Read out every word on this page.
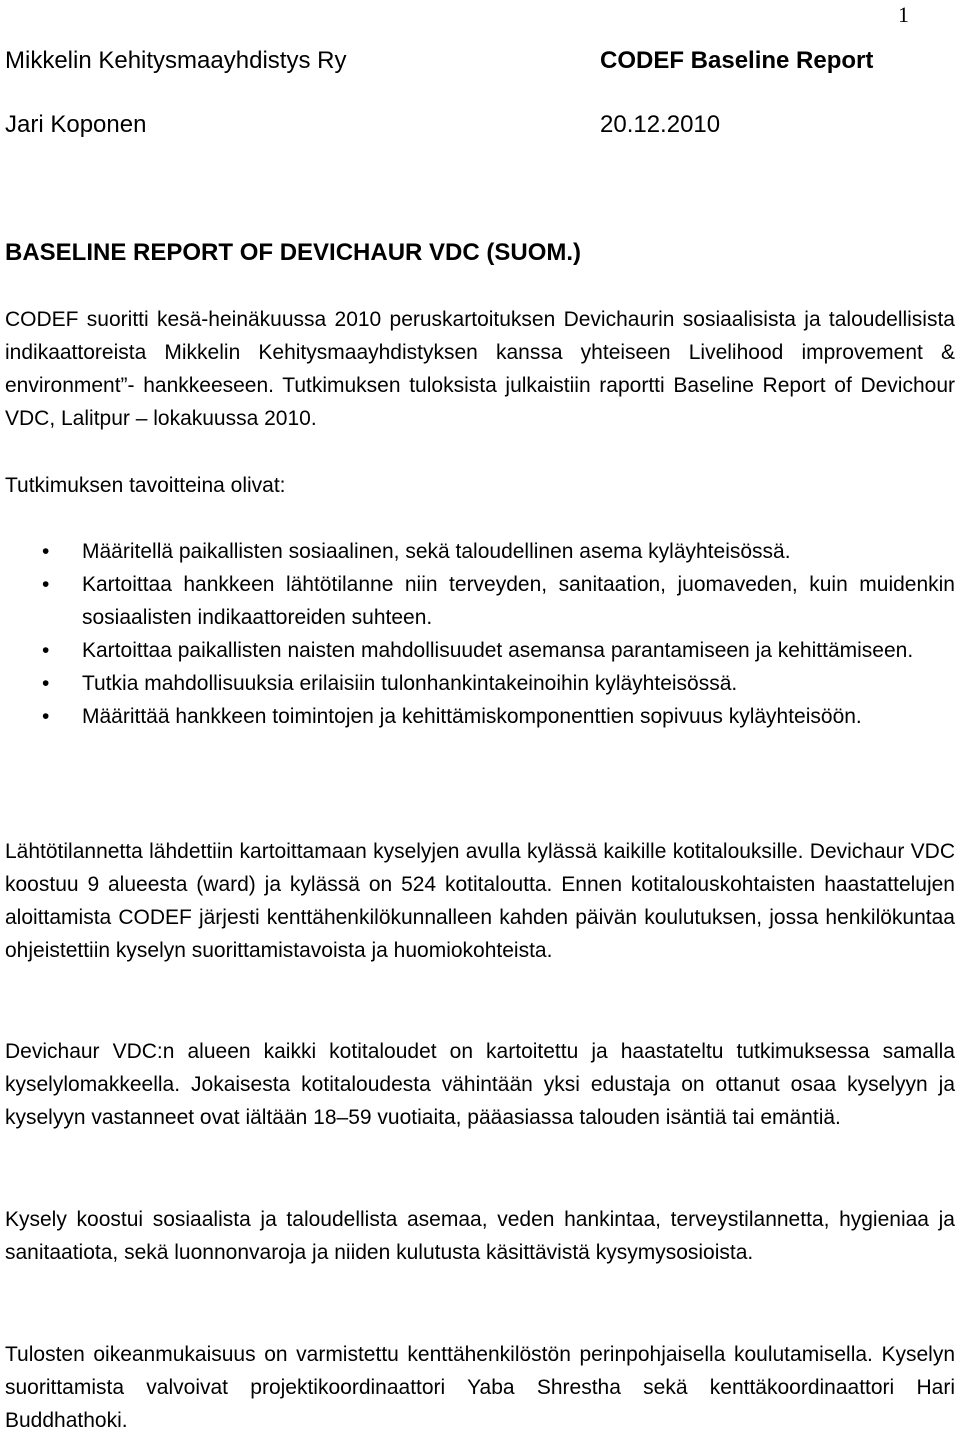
1
Mikkelin Kehitysmaayhdistys Ry	CODEF Baseline Report
Jari Koponen	20.12.2010
BASELINE REPORT OF DEVICHAUR VDC (SUOM.)

CODEF suoritti kesä-heinäkuussa 2010 peruskartoituksen Devichaurin sosiaalisista ja taloudellisista indikaattoreista Mikkelin Kehitysmaayhdistyksen kanssa yhteiseen Livelihood improvement & environment”- hankkeeseen. Tutkimuksen tuloksista julkaistiin raportti Baseline Report of Devichour VDC, Lalitpur – lokakuussa 2010.

Tutkimuksen tavoitteina olivat:

• Määritellä paikallisten sosiaalinen, sekä taloudellinen asema kyläyhteisössä.
• Kartoittaa hankkeen lähtötilanne niin terveyden, sanitaation, juomaveden, kuin muidenkin sosiaalisten indikaattoreiden suhteen.
• Kartoittaa paikallisten naisten mahdollisuudet asemansa parantamiseen ja kehittämiseen.
• Tutkia mahdollisuuksia erilaisiin tulonhankintakeinoihin kyläyhteisössä.
• Määrittää hankkeen toimintojen ja kehittämiskomponenttien sopivuus kyläyhteisöön.

Lähtötilannetta lähdettiin kartoittamaan kyselyjen avulla kylässä kaikille kotitalouksille. Devichaur VDC koostuu 9 alueesta (ward) ja kylässä on 524 kotitaloutta. Ennen kotitalouskohtaisten haastattelujen aloittamista CODEF järjesti kenttähenkilökunnalleen kahden päivän koulutuksen, jossa henkilökuntaa ohjeistettiin kyselyn suorittamistavoista ja huomiokohteista.

Devichaur VDC:n alueen kaikki kotitaloudet on kartoitettu ja haastateltu tutkimuksessa samalla kyselylomakkeella. Jokaisesta kotitaloudesta vähintään yksi edustaja on ottanut osaa kyselyyn ja kyselyyn vastanneet ovat iältään 18–59 vuotiaita, pääasiassa talouden isäntiä tai emäntiä.

Kysely koostui sosiaalista ja taloudellista asemaa, veden hankintaa, terveystilannetta, hygieniaa ja sanitaatiota, sekä luonnonvaroja ja niiden kulutusta käsittävistä kysymysosioista.

Tulosten oikeanmukaisuus on varmistettu kenttähenkilöstön perinpohjaisella koulutamisella. Kyselyn suorittamista valvoivat projektikoordinaattori Yaba Shrestha sekä kenttäkoordinaattori Hari Buddhathoki.
